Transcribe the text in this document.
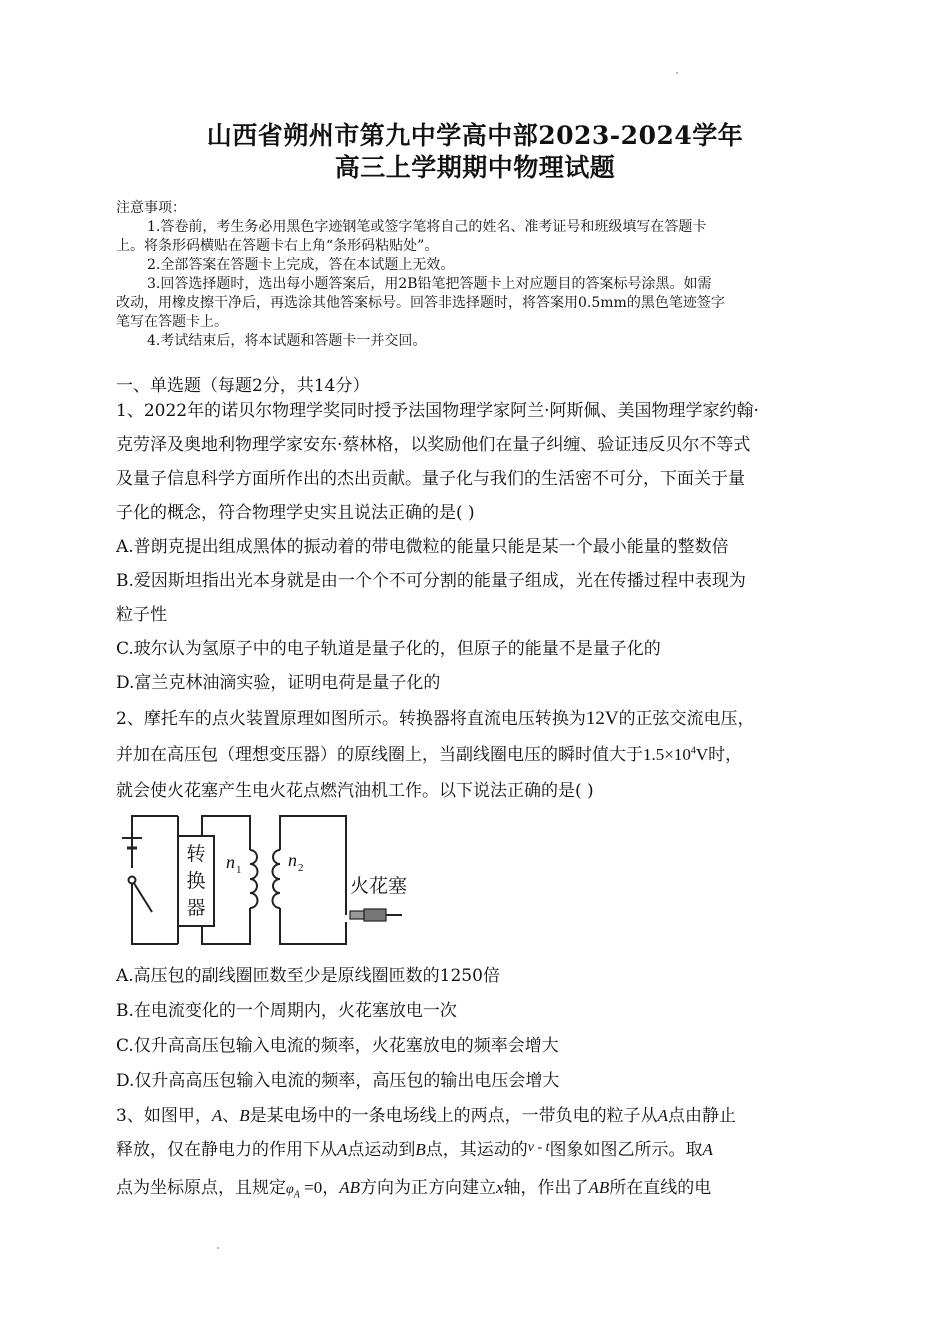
山西省朔州市第九中学高中部2023-2024学年
高三上学期期中物理试题

注意事项：

1.答卷前，考生务必用黑色字迹钢笔或签字笔将自己的姓名、准考证号和班级填写在答题卡

上。将条形码横贴在答题卡右上角“条形码粘贴处”。

2.全部答案在答题卡上完成，答在本试题上无效。

3.回答选择题时，选出每小题答案后，用2B铅笔把答题卡上对应题目的答案标号涂黑。如需

改动，用橡皮擦干净后，再选涂其他答案标号。回答非选择题时，将答案用0.5mm的黑色笔迹签字

笔写在答题卡上。

4.考试结束后，将本试题和答题卡一并交回。

一、单选题（每题2分，共14分）
1、2022年的诺贝尔物理学奖同时授予法国物理学家阿兰·阿斯佩、美国物理学家约翰·
克劳泽及奥地利物理学家安东·蔡林格，以奖励他们在量子纠缠、验证违反贝尔不等式
及量子信息科学方面所作出的杰出贡献。量子化与我们的生活密不可分，下面关于量
子化的概念，符合物理学史实且说法正确的是( )
A.普朗克提出组成黑体的振动着的带电微粒的能量只能是某一个最小能量的整数倍
B.爱因斯坦指出光本身就是由一个个不可分割的能量子组成，光在传播过程中表现为
粒子性
C.玻尔认为氢原子中的电子轨道是量子化的，但原子的能量不是量子化的
D.富兰克林油滴实验，证明电荷是量子化的
2、摩托车的点火装置原理如图所示。转换器将直流电压转换为12V的正弦交流电压，
并加在高压包（理想变压器）的原线圈上，当副线圈电压的瞬时值大于$1.5\times 10^4V$时，
就会使火花塞产生电火花点燃汽油机工作。以下说法正确的是( )
转
换
器
n 1	n 2
火花塞
A.高压包的副线圈匝数至少是原线圈匝数的1250倍
B.在电流变化的一个周期内，火花塞放电一次
C.仅升高高压包输入电流的频率，火花塞放电的频率会增大
D.仅升高高压包输入电流的频率，高压包的输出电压会增大
3、如图甲，A、B是某电场中的一条电场线上的两点，一带负电的粒子从A点由静止
释放，仅在静电力的作用下从A点运动到B点，其运动的$^{v - t}$图象如图乙所示。取A
点为坐标原点，且规定$\varphi_A =0$，AB方向为正方向建立x轴，作出了AB所在直线的电
